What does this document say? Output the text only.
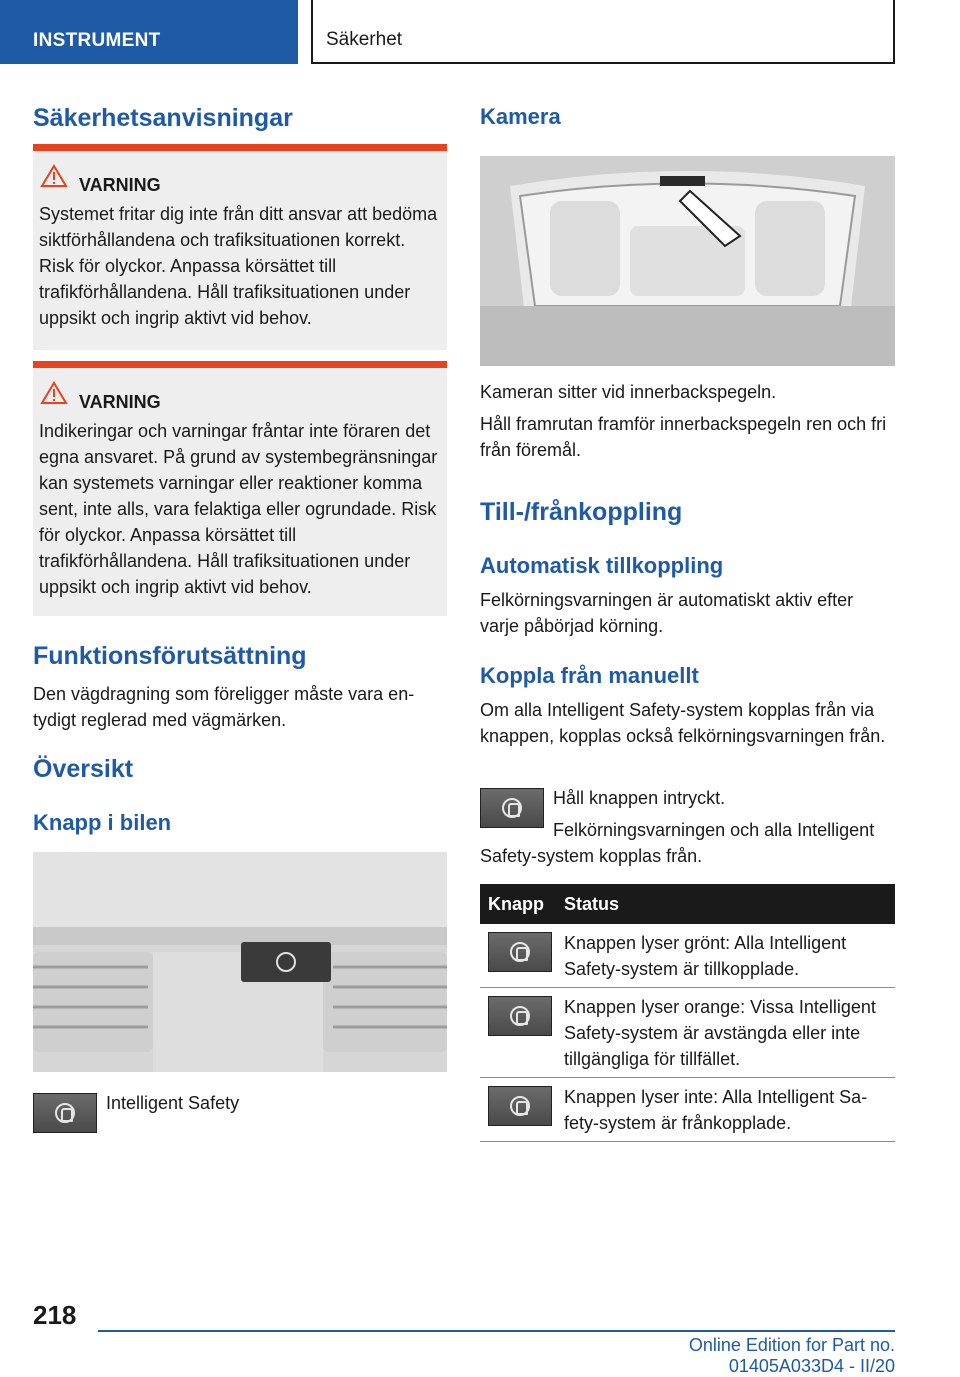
INSTRUMENT	Säkerhet
Säkerhetsanvisningar
VARNING
Systemet fritar dig inte från ditt ansvar att bedöma siktförhållandena och trafiksituationen korrekt. Risk för olyckor. Anpassa körsättet till trafikförhållandena. Håll trafiksituationen under uppsikt och ingrip aktivt vid behov.
VARNING
Indikeringar och varningar fråntar inte föraren det egna ansvaret. På grund av systembegränsningar kan systemets varningar eller reaktioner komma sent, inte alls, vara felaktiga eller ogrundade. Risk för olyckor. Anpassa körsättet till trafikförhållandena. Håll trafiksituationen under uppsikt och ingrip aktivt vid behov.
Funktionsförutsättning
Den vägdragning som föreligger måste vara entydigt reglerad med vägmärken.
Översikt
Knapp i bilen
Intelligent Safety
Kamera
Kameran sitter vid innerbackspegeln.
Håll framrutan framför innerbackspegeln ren och fri från föremål.
Till-/frånkoppling
Automatisk tillkoppling
Felkörningsvarningen är automatiskt aktiv efter varje påbörjad körning.
Koppla från manuellt
Om alla Intelligent Safety-system kopplas från via knappen, kopplas också felkörningsvarningen från.
Håll knappen intryckt.
Felkörningsvarningen och alla Intelligent Safety-system kopplas från.
Knapp Status
Knappen lyser grönt: Alla Intelligent Safety-system är tillkopplade.
Knappen lyser orange: Vissa Intelligent Safety-system är avstängda eller inte tillgängliga för tillfället.
Knappen lyser inte: Alla Intelligent Safety-system är frånkopplade.
218
Online Edition for Part no. 01405A033D4 - II/20
